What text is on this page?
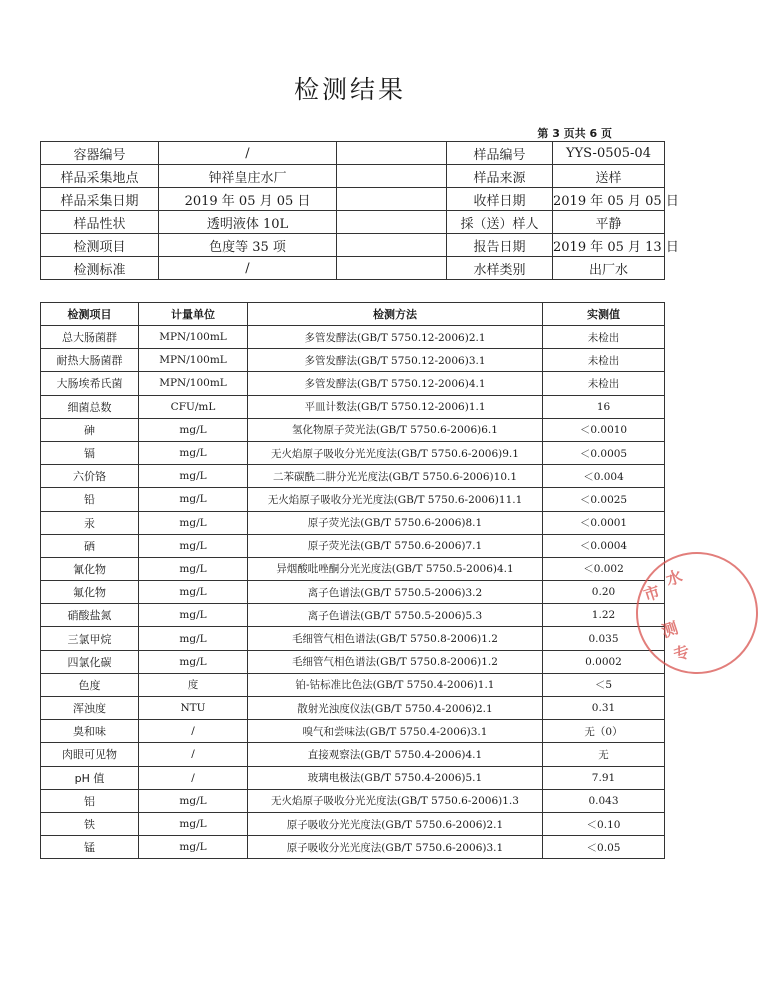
检测结果
第 3 页共 6 页
容器编号	/		样品编号	YYS-0505-04
样品采集地点	钟祥皇庄水厂		样品来源	送样
样品采集日期	2019 年 05 月 05 日		收样日期	2019 年 05 月 05 日
样品性状	透明液体 10L		採（送）样人	平静
检测项目	色度等 35 项		报告日期	2019 年 05 月 13 日
检测标准	/		水样类别	出厂水
检测项目	计量单位	检测方法	实测值
总大肠菌群	MPN/100mL	多管发酵法(GB/T 5750.12-2006)2.1	未检出
耐热大肠菌群	MPN/100mL	多管发酵法(GB/T 5750.12-2006)3.1	未检出
大肠埃希氏菌	MPN/100mL	多管发酵法(GB/T 5750.12-2006)4.1	未检出
细菌总数	CFU/mL	平皿计数法(GB/T 5750.12-2006)1.1	16
砷	mg/L	氢化物原子荧光法(GB/T 5750.6-2006)6.1	＜0.0010
镉	mg/L	无火焰原子吸收分光光度法(GB/T 5750.6-2006)9.1	＜0.0005
六价铬	mg/L	二苯碳酰二肼分光光度法(GB/T 5750.6-2006)10.1	＜0.004
铅	mg/L	无火焰原子吸收分光光度法(GB/T 5750.6-2006)11.1	＜0.0025
汞	mg/L	原子荧光法(GB/T 5750.6-2006)8.1	＜0.0001
硒	mg/L	原子荧光法(GB/T 5750.6-2006)7.1	＜0.0004
氰化物	mg/L	异烟酸吡唑酮分光光度法(GB/T 5750.5-2006)4.1	＜0.002
氟化物	mg/L	离子色谱法(GB/T 5750.5-2006)3.2	0.20
硝酸盐氮	mg/L	离子色谱法(GB/T 5750.5-2006)5.3	1.22
三氯甲烷	mg/L	毛细管气相色谱法(GB/T 5750.8-2006)1.2	0.035
四氯化碳	mg/L	毛细管气相色谱法(GB/T 5750.8-2006)1.2	0.0002
色度	度	铂-钴标准比色法(GB/T 5750.4-2006)1.1	＜5
浑浊度	NTU	散射光浊度仪法(GB/T 5750.4-2006)2.1	0.31
臭和味	/	嗅气和尝味法(GB/T 5750.4-2006)3.1	无（0）
肉眼可见物	/	直接观察法(GB/T 5750.4-2006)4.1	无
pH 值	/	玻璃电极法(GB/T 5750.4-2006)5.1	7.91
铝	mg/L	无火焰原子吸收分光光度法(GB/T 5750.6-2006)1.3	0.043
铁	mg/L	原子吸收分光光度法(GB/T 5750.6-2006)2.1	＜0.10
锰	mg/L	原子吸收分光光度法(GB/T 5750.6-2006)3.1	＜0.05
市
水
测
专
